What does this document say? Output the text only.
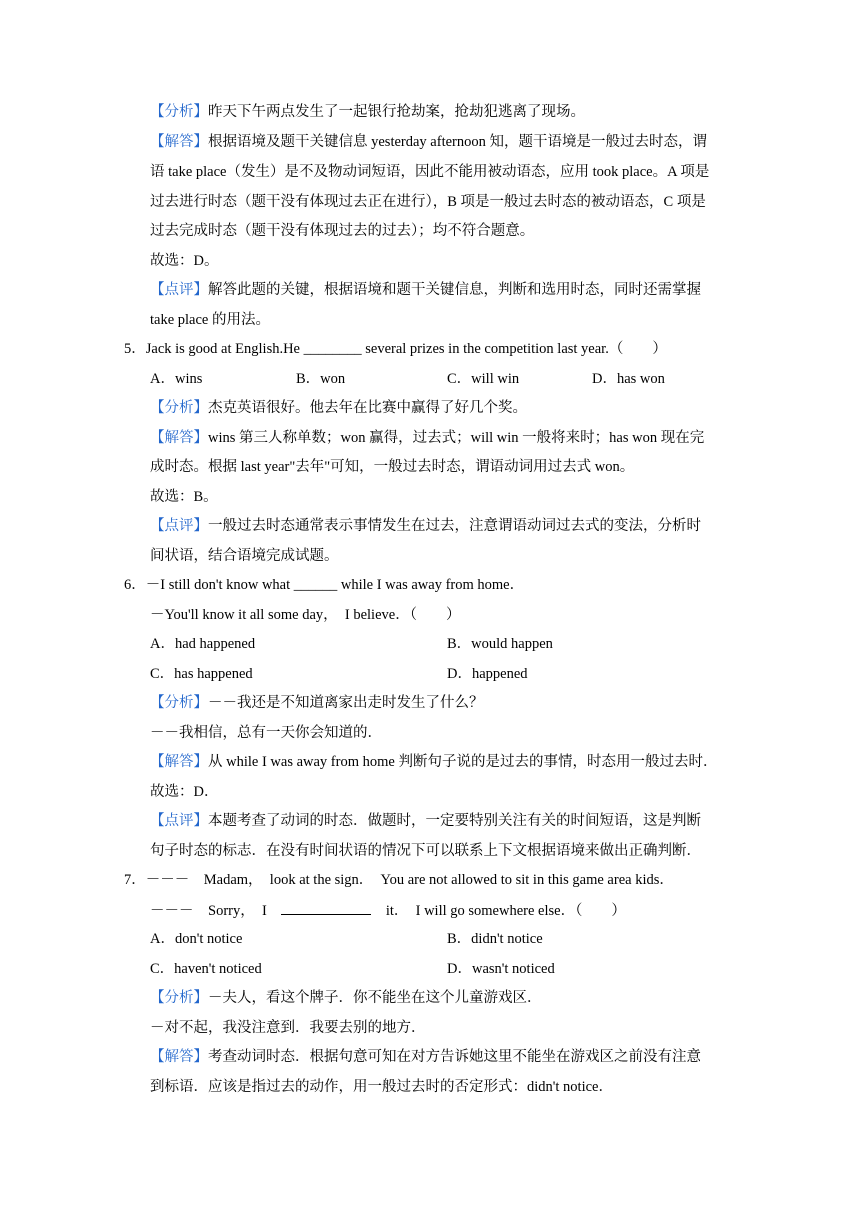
【分析】昨天下午两点发生了一起银行抢劫案，抢劫犯逃离了现场。
【解答】根据语境及题干关键信息 yesterday afternoon 知，题干语境是一般过去时态，谓
语 take place（发生）是不及物动词短语，因此不能用被动语态，应用 took place。A 项是
过去进行时态（题干没有体现过去正在进行），B 项是一般过去时态的被动语态，C 项是
过去完成时态（题干没有体现过去的过去）；均不符合题意。
故选：D。
【点评】解答此题的关键，根据语境和题干关键信息，判断和选用时态，同时还需掌握
take place 的用法。
5．Jack is good at English.He ________ several prizes in the competition last year.（　　）
A．wins	B．won	C．will win	D．has won
【分析】杰克英语很好。他去年在比赛中赢得了好几个奖。
【解答】wins 第三人称单数；won 赢得，过去式；will win 一般将来时；has won 现在完
成时态。根据 last year"去年"可知，一般过去时态，谓语动词用过去式 won。
故选：B。
【点评】一般过去时态通常表示事情发生在过去，注意谓语动词过去式的变法，分析时
间状语，结合语境完成试题。
6．－I still don't know what ______ while I was away from home．
－You'll know it all some day，　I believe．（　　）
A．had happened	B．would happen
C．has happened	D．happened
【分析】－－我还是不知道离家出走时发生了什么？
－－我相信，总有一天你会知道的．
【解答】从 while I was away from home 判断句子说的是过去的事情，时态用一般过去时．
故选：D．
【点评】本题考查了动词的时态．做题时，一定要特别关注有关的时间短语，这是判断
句子时态的标志．在没有时间状语的情况下可以联系上下文根据语境来做出正确判断．
7．－－－　Madam，　look at the sign．　You are not allowed to sit in this game area kids．
－－－　Sorry，　I　　	it．　I will go somewhere else．（　　）
A．don't notice	B．didn't notice
C．haven't noticed	D．wasn't noticed
【分析】－夫人，看这个牌子．你不能坐在这个儿童游戏区．
－对不起，我没注意到．我要去别的地方．
【解答】考查动词时态．根据句意可知在对方告诉她这里不能坐在游戏区之前没有注意
到标语．应该是指过去的动作，用一般过去时的否定形式：didn't notice．
